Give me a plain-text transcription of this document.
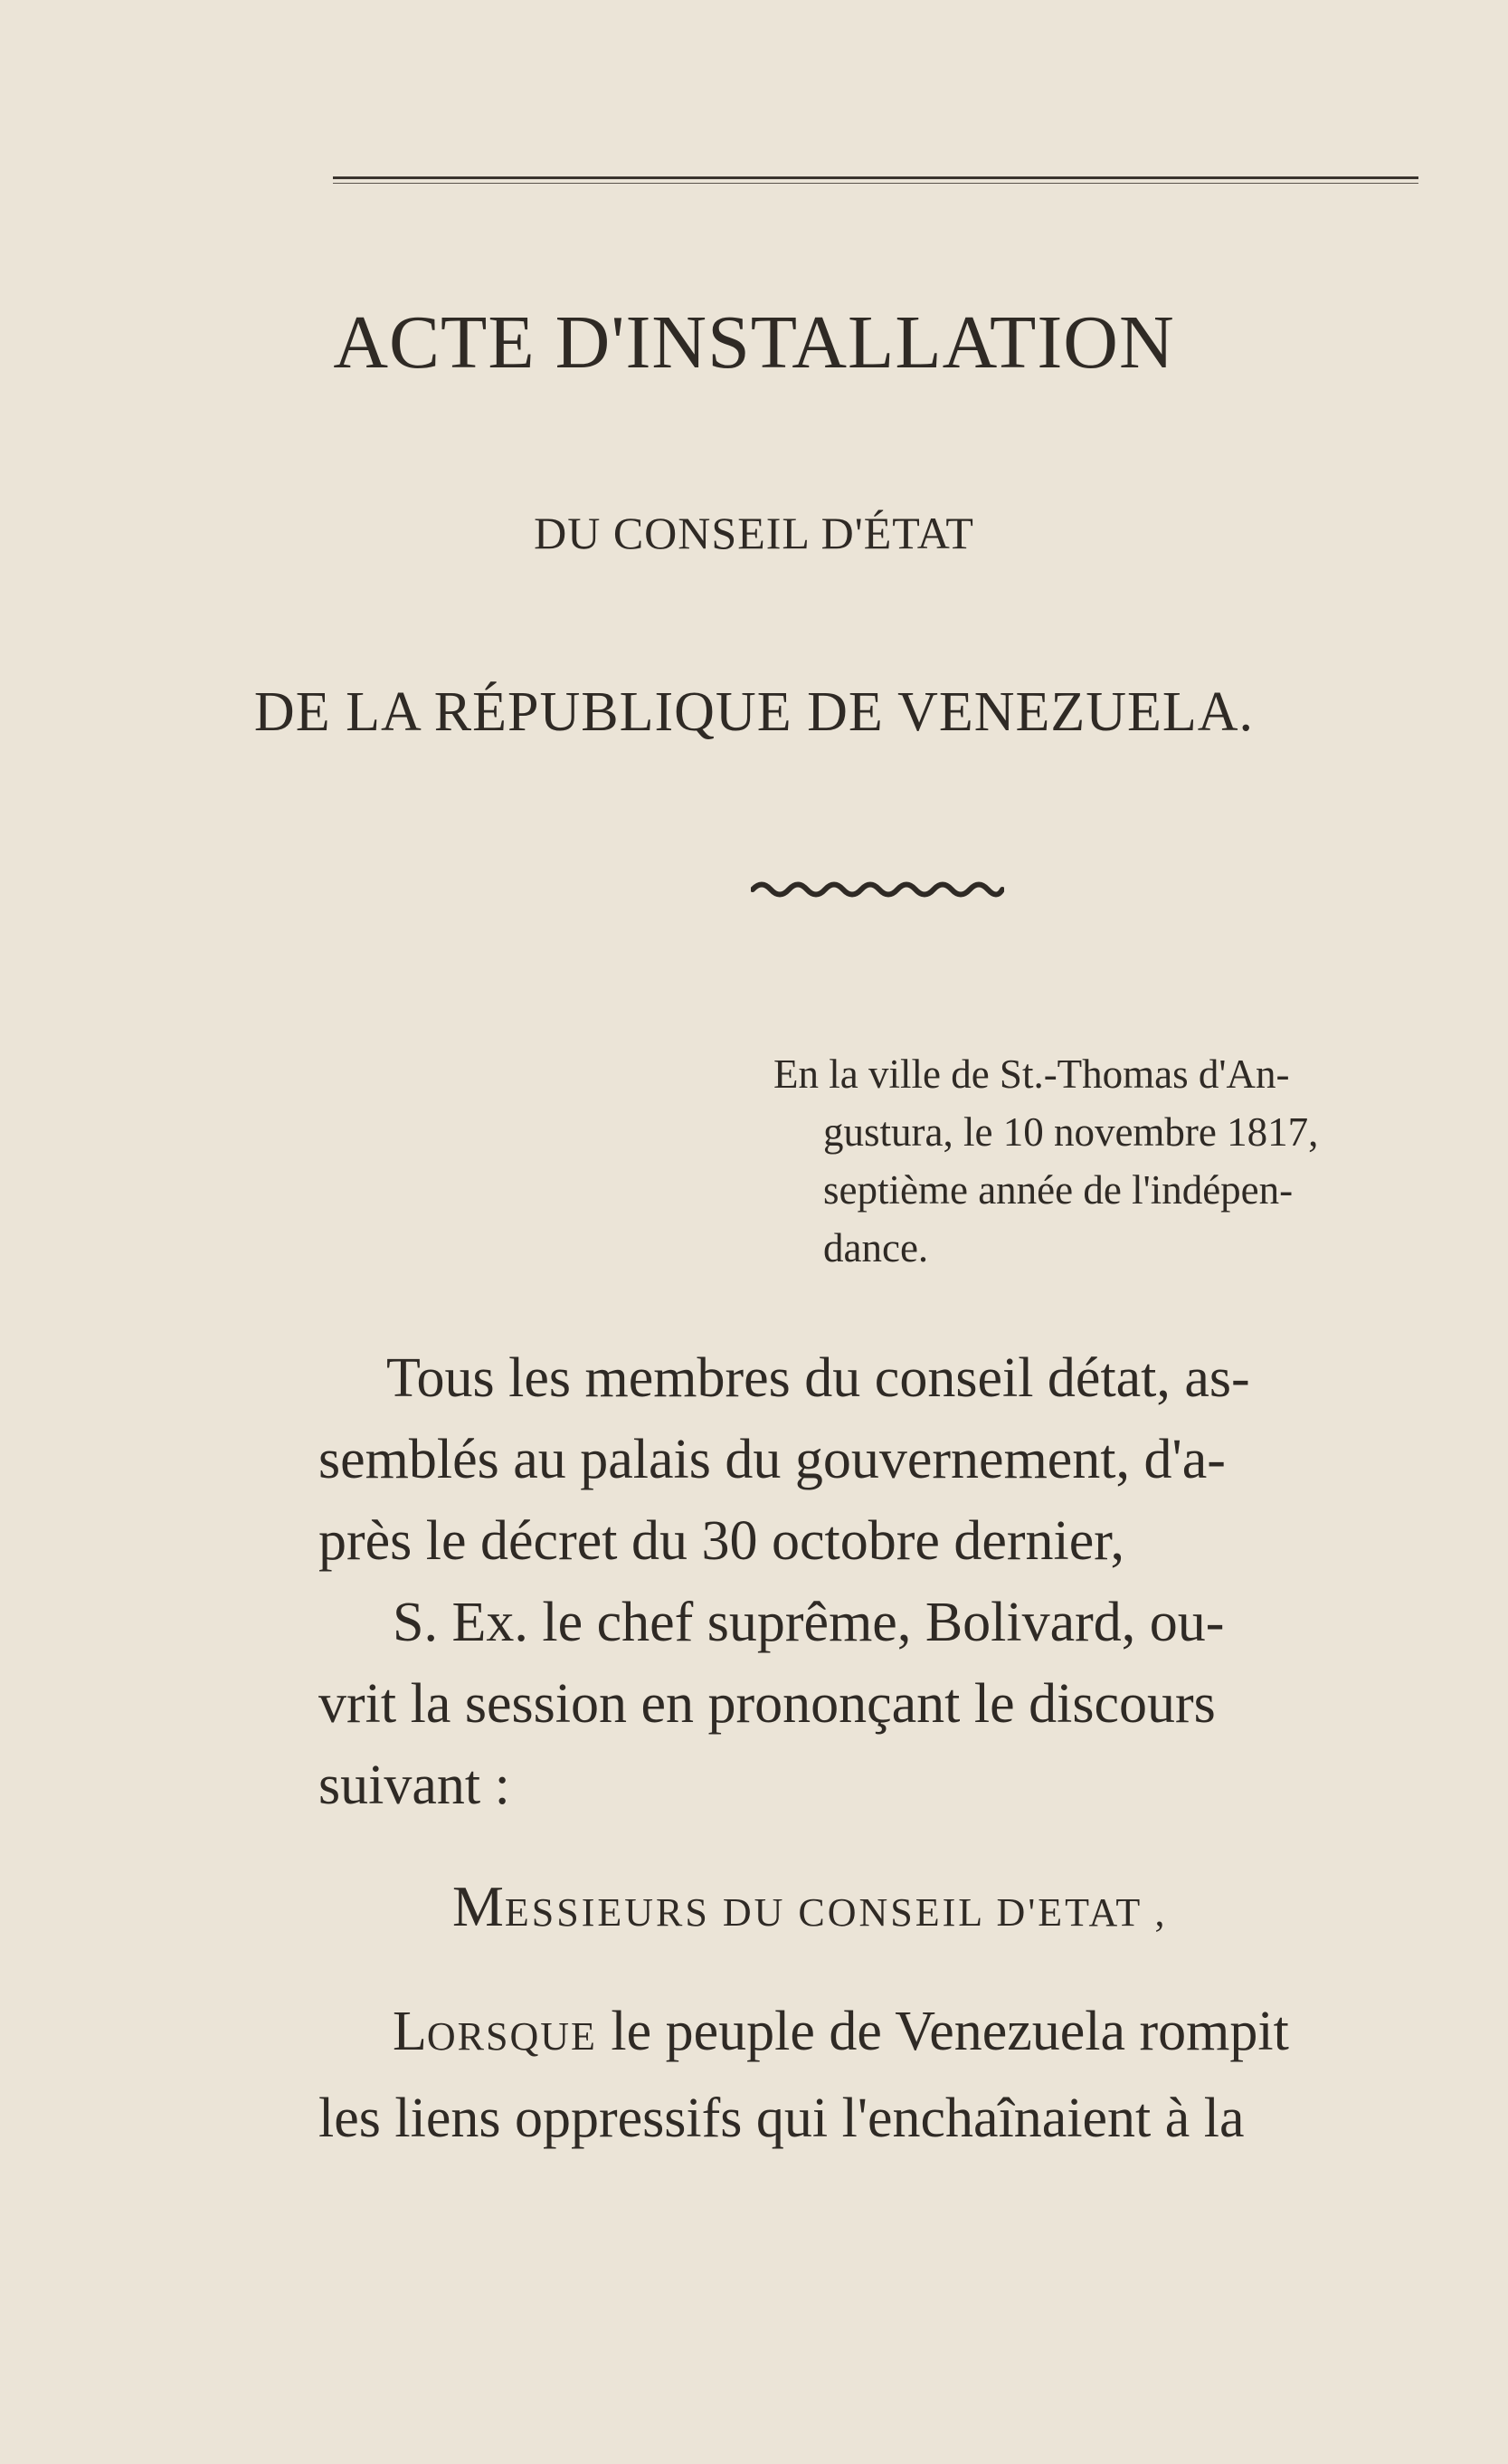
ACTE D'INSTALLATION
DU CONSEIL D'ÉTAT
DE LA RÉPUBLIQUE DE VENEZUELA.
En la ville de St.-Thomas d'An-
gustura, le 10 novembre 1817,
septième année de l'indépen-
dance.
Tous les membres du conseil détat, as-
semblés au palais du gouvernement, d'a-
près le décret du 30 octobre dernier,
S. Ex. le chef suprême, Bolivard, ou-
vrit la session en prononçant le discours
suivant :
MESSIEURS DU CONSEIL D'ETAT ,
LORSQUE le peuple de Venezuela rompit
les liens oppressifs qui l'enchaînaient à la
